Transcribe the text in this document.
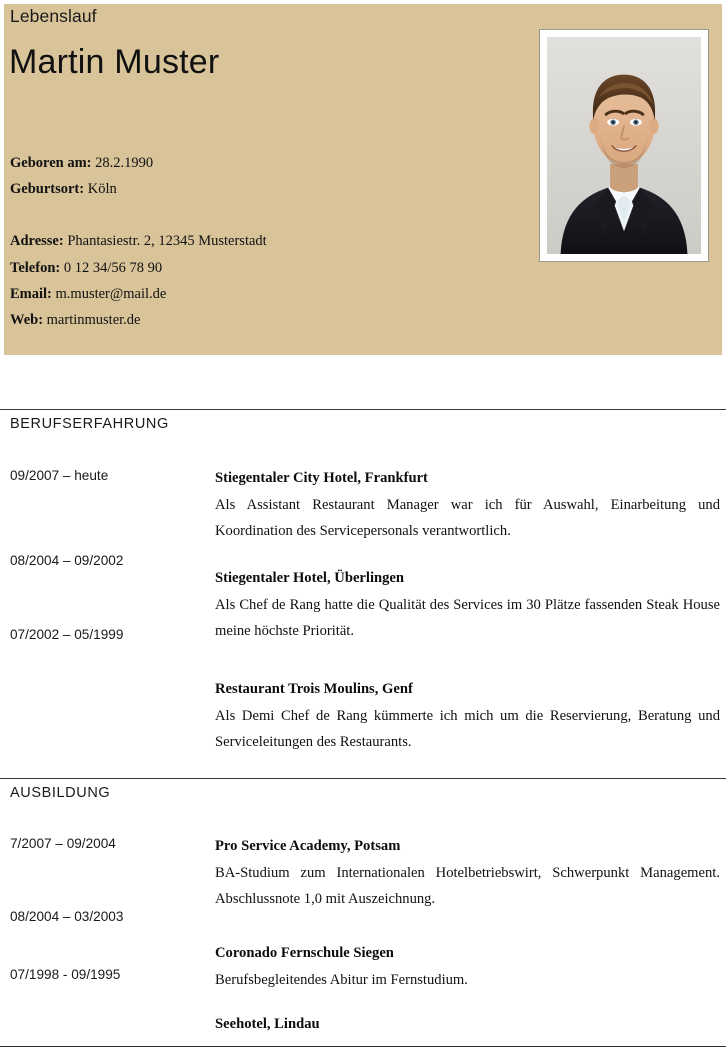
Lebenslauf
Martin Muster
Geboren am: 28.2.1990
Geburtsort: Köln
Adresse: Phantasiestr. 2, 12345 Musterstadt
Telefon: 0 12 34/56 78 90
Email: m.muster@mail.de
Web: martinmuster.de
BERUFSERFAHRUNG
09/2007 – heute
08/2004 – 09/2002
07/2002 – 05/1999
Stiegentaler City Hotel, Frankfurt
Als Assistant Restaurant Manager war ich für Auswahl, Einarbeitung und Koordination des Servicepersonals verantwortlich.
Stiegentaler Hotel, Überlingen
Als Chef de Rang hatte die Qualität des Services im 30 Plätze fassenden Steak House meine höchste Priorität.
Restaurant Trois Moulins, Genf
Als Demi Chef de Rang kümmerte ich mich um die Reservierung, Beratung und Serviceleitungen des Restaurants.
AUSBILDUNG
7/2007 – 09/2004
08/2004 – 03/2003
07/1998 - 09/1995
Pro Service Academy, Potsam
BA-Studium zum Internationalen Hotelbetriebswirt, Schwerpunkt Management. Abschlussnote 1,0 mit Auszeichnung.
Coronado Fernschule Siegen
Berufsbegleitendes Abitur im Fernstudium.
Seehotel, Lindau
